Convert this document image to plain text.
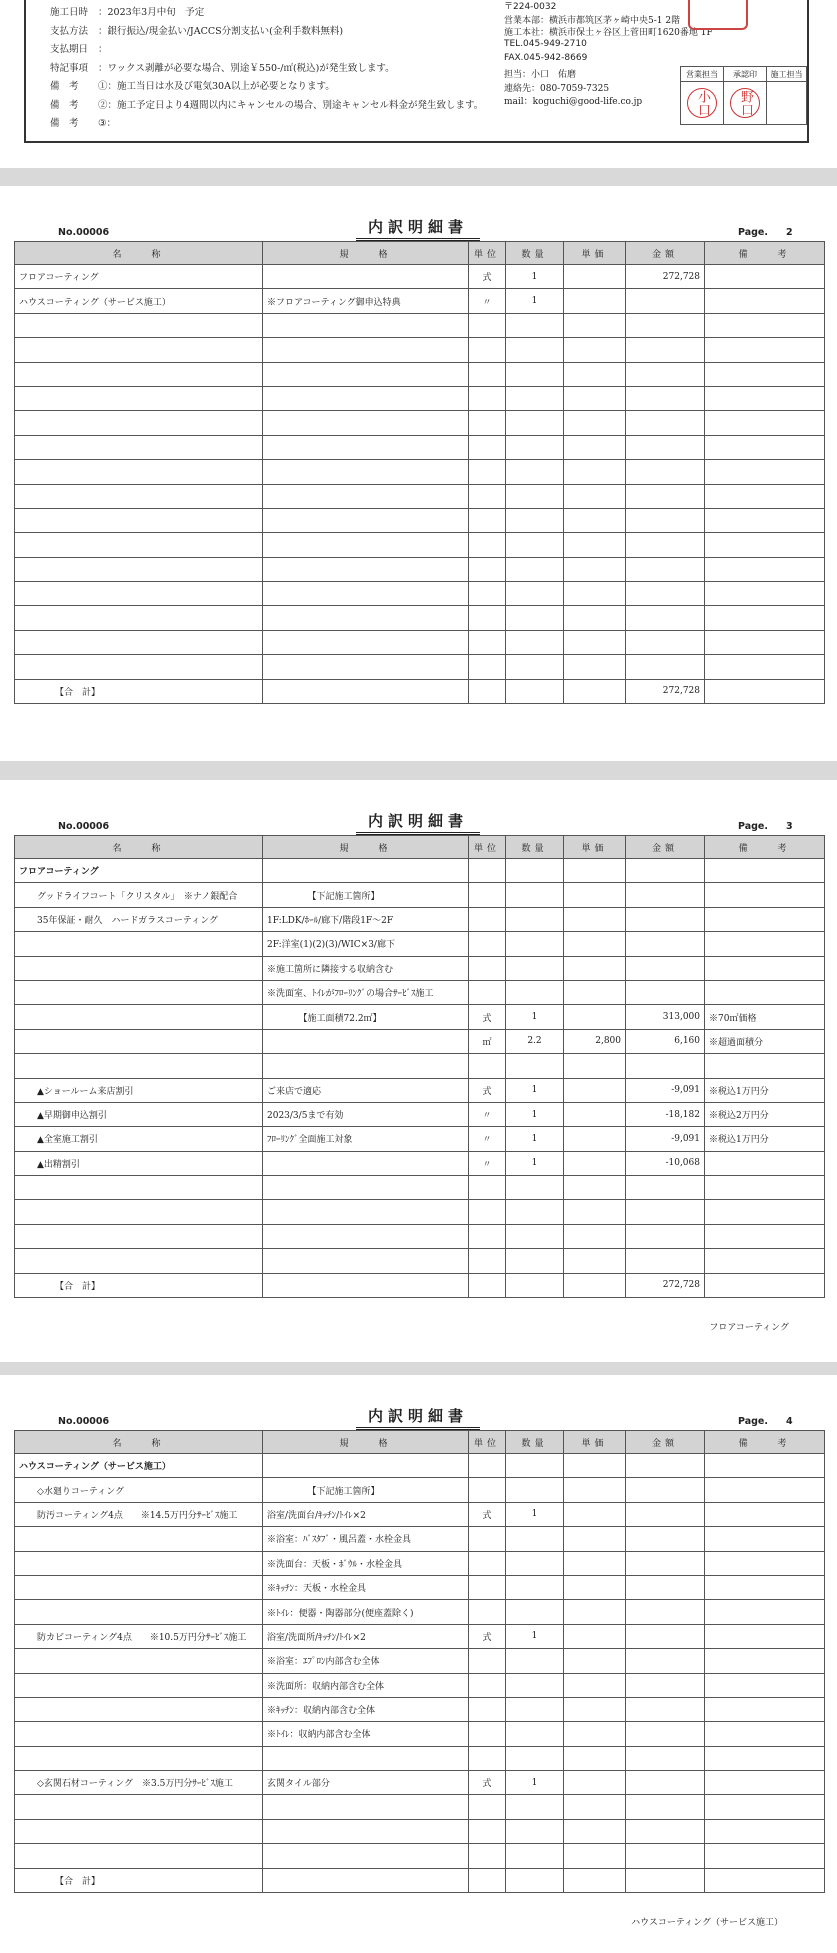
施工日時 ：2023年3月中旬　予定
支払方法 ：銀行振込/現金払い/JACCS分割支払い(金利手数料無料)
支払期日 ：
特記事項 ：ワックス剥離が必要な場合、別途￥550-/㎡(税込)が発生致します。
備　考 ①：施工当日は水及び電気30A以上が必要となります。
備　考 ②：施工予定日より4週間以内にキャンセルの場合、別途キャンセル料金が発生致します。
備　考 ③：
〒224-0032
営業本部：横浜市都筑区茅ヶ崎中央5-1 2階
施工本社：横浜市保土ヶ谷区上菅田町1620番地 1F
TEL.045-949-2710
FAX.045-942-8669
担当：小口　佑磨
連絡先：080-7059-7325
mail：koguchi@good-life.co.jp
営業担当	承認印	施工担当
小口	野口	
No.00006	内訳明細書	Page. 2
名　　称	規　　格	単位	数量	単価	金額	備　　考
フロアコーティング		式	1		272,728	
ハウスコーティング（サービス施工）	※フロアコーティング御申込特典	〃	1			

【合　計】					272,728	
No.00006	内訳明細書	Page. 3
名　　称	規　　格	単位	数量	単価	金額	備　　考
フロアコーティング						
　　グッドライフコート「クリスタル」　※ナノ銀配合	　　　　　【下記施工箇所】					
　　35年保証・耐久　ハードガラスコーティング	1F:LDK/ﾎｰﾙ/廊下/階段1F～2F					
	2F:洋室(1)(2)(3)/WIC×3/廊下					
	※施工箇所に隣接する収納含む					
	※洗面室、ﾄｲﾚがﾌﾛｰﾘﾝｸﾞの場合ｻｰﾋﾞｽ施工					
	　　　　【施工面積72.2㎡】	式	1		313,000	※70㎡価格
		㎡	2.2	2,800	6,160	※超過面積分

　　▲ショールーム来店割引	ご来店で適応	式	1		-9,091	※税込1万円分
　　▲早期御申込割引	2023/3/5まで有効	〃	1		-18,182	※税込2万円分
　　▲全室施工割引	ﾌﾛｰﾘﾝｸﾞ全面施工対象	〃	1		-9,091	※税込1万円分
　　▲出精割引		〃	1		-10,068	

【合　計】					272,728	
フロアコーティング
No.00006	内訳明細書	Page. 4
名　　称	規　　格	単位	数量	単価	金額	備　　考
ハウスコーティング（サービス施工）						
　　◇水廻りコーティング	　　　　　【下記施工箇所】					
　　防汚コーティング4点　　※14.5万円分ｻｰﾋﾞｽ施工	浴室/洗面台/ｷｯﾁﾝ/ﾄｲﾚ×2	式	1			
	※浴室：ﾊﾞｽﾀﾌﾞ・風呂蓋・水栓金具					
	※洗面台：天板・ﾎﾞｳﾙ・水栓金具					
	※ｷｯﾁﾝ：天板・水栓金具					
	※ﾄｲﾚ：便器・陶器部分(便座蓋除く)					
　　防カビコーティング4点　　※10.5万円分ｻｰﾋﾞｽ施工	浴室/洗面所/ｷｯﾁﾝ/ﾄｲﾚ×2	式	1			
	※浴室：ｴﾌﾟﾛﾝ内部含む全体					
	※洗面所：収納内部含む全体					
	※ｷｯﾁﾝ：収納内部含む全体					
	※ﾄｲﾚ：収納内部含む全体					

　　◇玄関石材コーティング　※3.5万円分ｻｰﾋﾞｽ施工	玄関タイル部分	式	1			

【合　計】						
ハウスコーティング（サービス施工）
